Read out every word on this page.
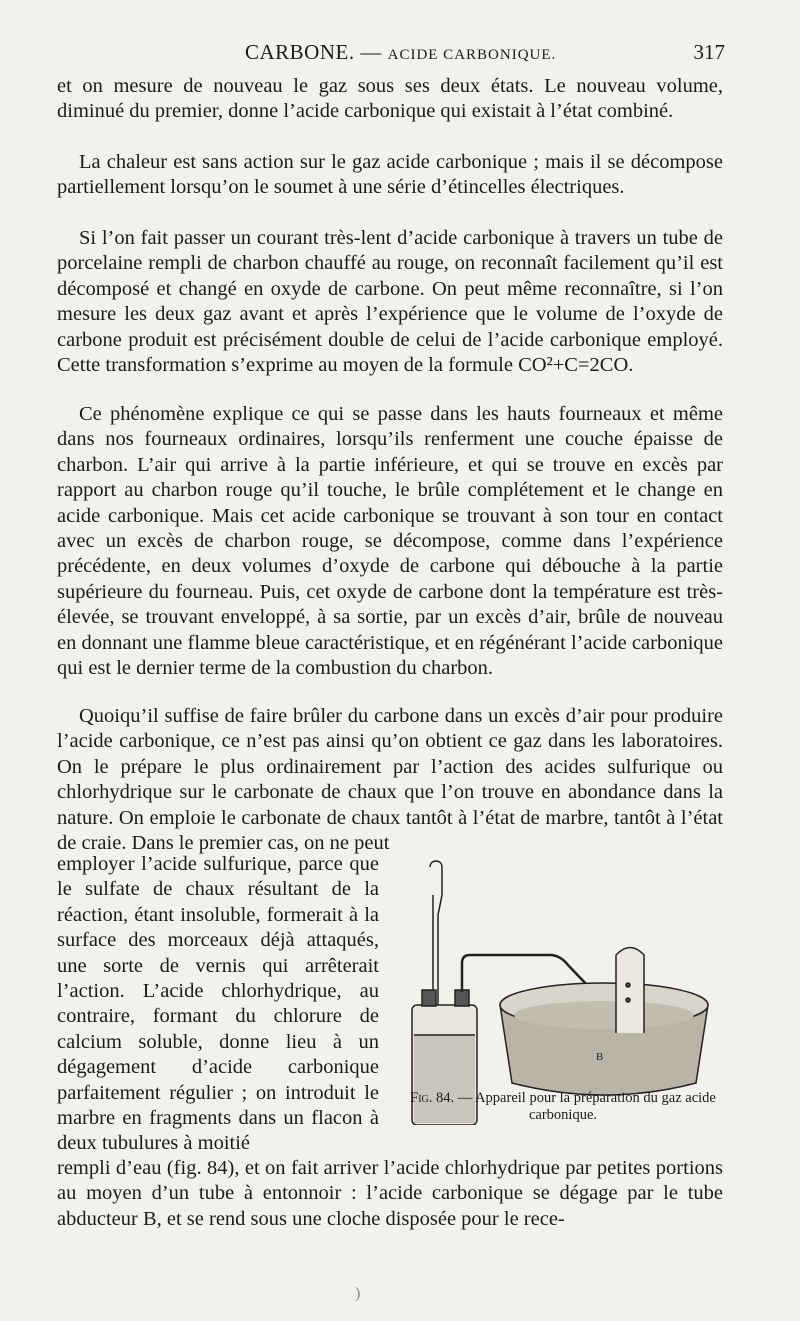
CARBONE. — ACIDE CARBONIQUE.	317

et on mesure de nouveau le gaz sous ses deux états. Le nouveau volume, diminué du premier, donne l’acide carbonique qui existait à l’état combiné.

La chaleur est sans action sur le gaz acide carbonique ; mais il se décompose partiellement lorsqu’on le soumet à une série d’étincelles électriques.

Si l’on fait passer un courant très-lent d’acide carbonique à travers un tube de porcelaine rempli de charbon chauffé au rouge, on reconnaît facilement qu’il est décomposé et changé en oxyde de carbone. On peut même reconnaître, si l’on mesure les deux gaz avant et après l’expérience que le volume de l’oxyde de carbone produit est précisément double de celui de l’acide carbonique employé. Cette transformation s’exprime au moyen de la formule CO²+C=2CO.

Ce phénomène explique ce qui se passe dans les hauts fourneaux et même dans nos fourneaux ordinaires, lorsqu’ils renferment une couche épaisse de charbon. L’air qui arrive à la partie inférieure, et qui se trouve en excès par rapport au charbon rouge qu’il touche, le brûle complétement et le change en acide carbonique. Mais cet acide carbonique se trouvant à son tour en contact avec un excès de charbon rouge, se décompose, comme dans l’expérience précédente, en deux volumes d’oxyde de carbone qui débouche à la partie supérieure du fourneau. Puis, cet oxyde de carbone dont la température est très-élevée, se trouvant enveloppé, à sa sortie, par un excès d’air, brûle de nouveau en donnant une flamme bleue caractéristique, et en régénérant l’acide carbonique qui est le dernier terme de la combustion du charbon.

Quoiqu’il suffise de faire brûler du carbone dans un excès d’air pour produire l’acide carbonique, ce n’est pas ainsi qu’on obtient ce gaz dans les laboratoires. On le prépare le plus ordinairement par l’action des acides sulfurique ou chlorhydrique sur le carbonate de chaux que l’on trouve en abondance dans la nature. On emploie le carbonate de chaux tantôt à l’état de marbre, tantôt à l’état de craie. Dans le premier cas, on ne peut

employer l’acide sulfurique, parce que le sulfate de chaux résultant de la réaction, étant insoluble, formerait à la surface des morceaux déjà attaqués, une sorte de vernis qui arrêterait l’action. L’acide chlorhydrique, au contraire, formant du chlorure de calcium soluble, donne lieu à un dégagement d’acide carbonique parfaitement régulier ; on introduit le marbre en fragments dans un flacon à deux tubulures à moitié

B
Fig. 84. — Appareil pour la préparation du gaz acide carbonique.

rempli d’eau (fig. 84), et on fait arriver l’acide chlorhydrique par petites portions au moyen d’un tube à entonnoir : l’acide carbonique se dégage par le tube abducteur B, et se rend sous une cloche disposée pour le rece-

)
